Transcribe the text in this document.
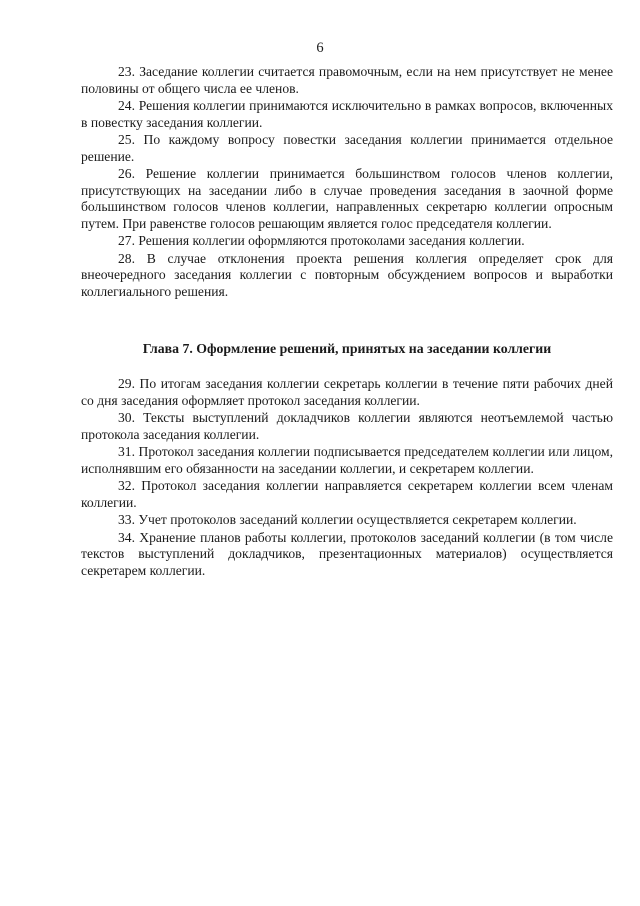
6

23. Заседание коллегии считается правомочным, если на нем присутствует не менее половины от общего числа ее членов.

24. Решения коллегии принимаются исключительно в рамках вопросов, включенных в повестку заседания коллегии.

25. По каждому вопросу повестки заседания коллегии принимается отдельное решение.

26. Решение коллегии принимается большинством голосов членов коллегии, присутствующих на заседании либо в случае проведения заседания в заочной форме большинством голосов членов коллегии, направленных секретарю коллегии опросным путем. При равенстве голосов решающим является голос председателя коллегии.

27. Решения коллегии оформляются протоколами заседания коллегии.

28. В случае отклонения проекта решения коллегия определяет срок для внеочередного заседания коллегии с повторным обсуждением вопросов и выработки коллегиального решения.

Глава 7. Оформление решений, принятых на заседании коллегии

29. По итогам заседания коллегии секретарь коллегии в течение пяти рабочих дней со дня заседания оформляет протокол заседания коллегии.

30. Тексты выступлений докладчиков коллегии являются неотъемлемой частью протокола заседания коллегии.

31. Протокол заседания коллегии подписывается председателем коллегии или лицом, исполнявшим его обязанности на заседании коллегии, и секретарем коллегии.

32. Протокол заседания коллегии направляется секретарем коллегии всем членам коллегии.

33. Учет протоколов заседаний коллегии осуществляется секретарем коллегии.

34. Хранение планов работы коллегии, протоколов заседаний коллегии (в том числе текстов выступлений докладчиков, презентационных материалов) осуществляется секретарем коллегии.
